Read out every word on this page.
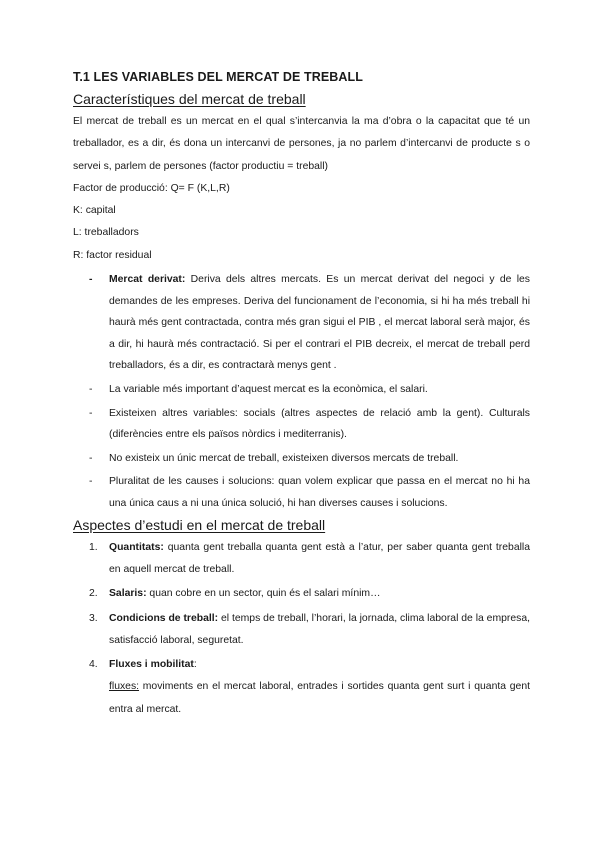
T.1 LES VARIABLES DEL MERCAT DE TREBALL
Característiques del mercat de treball

El mercat de treball es un mercat en el qual s’intercanvia la ma d’obra o la capacitat que té un treballador, es a dir, és dona un intercanvi de persones, ja no parlem d’intercanvi de producte s o servei s, parlem de persones (factor productiu = treball)

Factor de producció: Q= F (K,L,R)

K: capital

L: treballadors

R: factor residual

- Mercat derivat: Deriva dels altres mercats. Es un mercat derivat del negoci y de les demandes de les empreses. Deriva del funcionament de l’economia, si hi ha més treball hi haurà més gent contractada, contra més gran sigui el PIB , el mercat laboral serà major, és a dir, hi haurà més contractació. Si per el contrari el PIB decreix, el mercat de treball perd treballadors, és a dir, es contractarà menys gent .
- La variable més important d’aquest mercat es la econòmica, el salari.
- Existeixen altres variables: socials (altres aspectes de relació amb la gent). Culturals (diferències entre els països nòrdics i mediterranis).
- No existeix un únic mercat de treball, existeixen diversos mercats de treball.
- Pluralitat de les causes i solucions: quan volem explicar que passa en el mercat no hi ha una única caus a ni una única solució, hi han diverses causes i solucions.
Aspectes d’estudi en el mercat de treball
1. Quantitats: quanta gent treballa quanta gent està a l’atur, per saber quanta gent treballa en aquell mercat de treball.
2. Salaris: quan cobre en un sector, quin és el salari mínim…
3. Condicions de treball: el temps de treball, l’horari, la jornada, clima laboral de la empresa, satisfacció laboral, seguretat.
4. Fluxes i mobilitat:
fluxes: moviments en el mercat laboral, entrades i sortides quanta gent surt i quanta gent entra al mercat.
